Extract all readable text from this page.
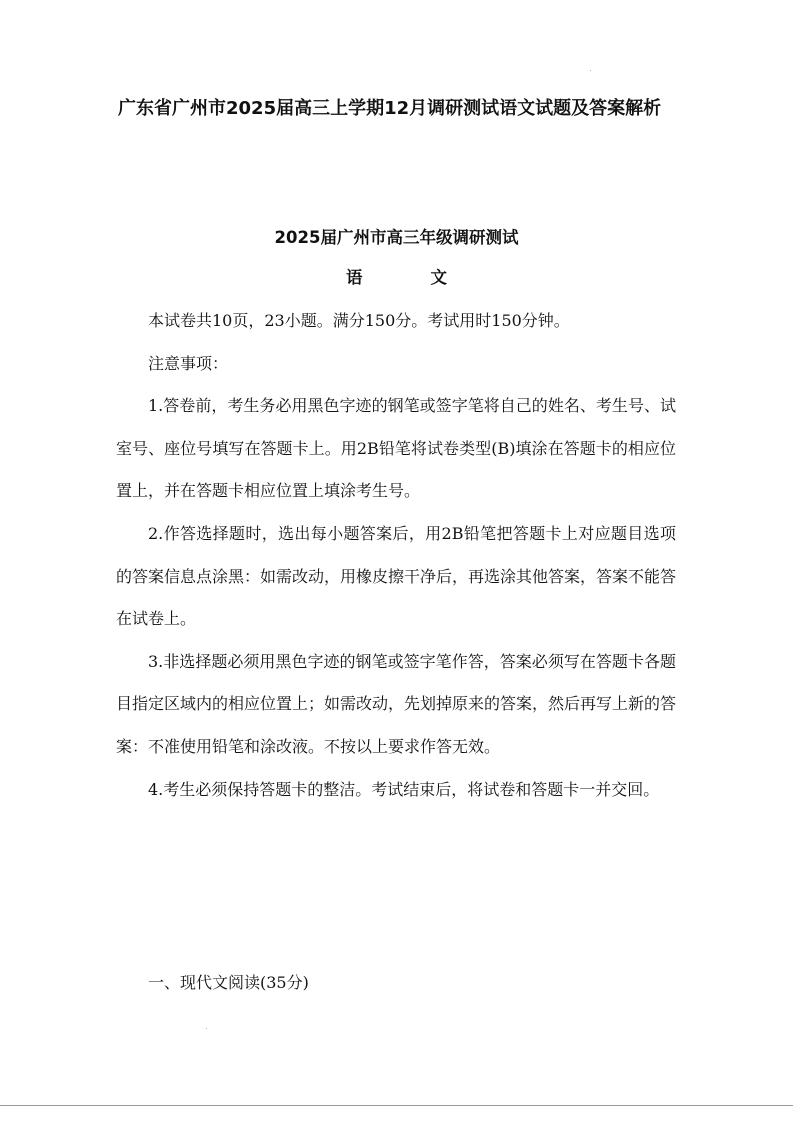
广东省广州市2025届高三上学期12月调研测试语文试题及答案解析
2025届广州市高三年级调研测试
语文

本试卷共10页，23小题。满分150分。考试用时150分钟。

注意事项：

1.答卷前，考生务必用黑色字迹的钢笔或签字笔将自己的姓名、考生号、试室号、座位号填写在答题卡上。用2B铅笔将试卷类型(B)填涂在答题卡的相应位置上，并在答题卡相应位置上填涂考生号。

2.作答选择题时，选出每小题答案后，用2B铅笔把答题卡上对应题目选项的答案信息点涂黑：如需改动，用橡皮擦干净后，再选涂其他答案，答案不能答在试卷上。

3.非选择题必须用黑色字迹的钢笔或签字笔作答，答案必须写在答题卡各题目指定区域内的相应位置上；如需改动，先划掉原来的答案，然后再写上新的答案：不准使用铅笔和涂改液。不按以上要求作答无效。

4.考生必须保持答题卡的整洁。考试结束后，将试卷和答题卡一并交回。

一、现代文阅读(35分)
